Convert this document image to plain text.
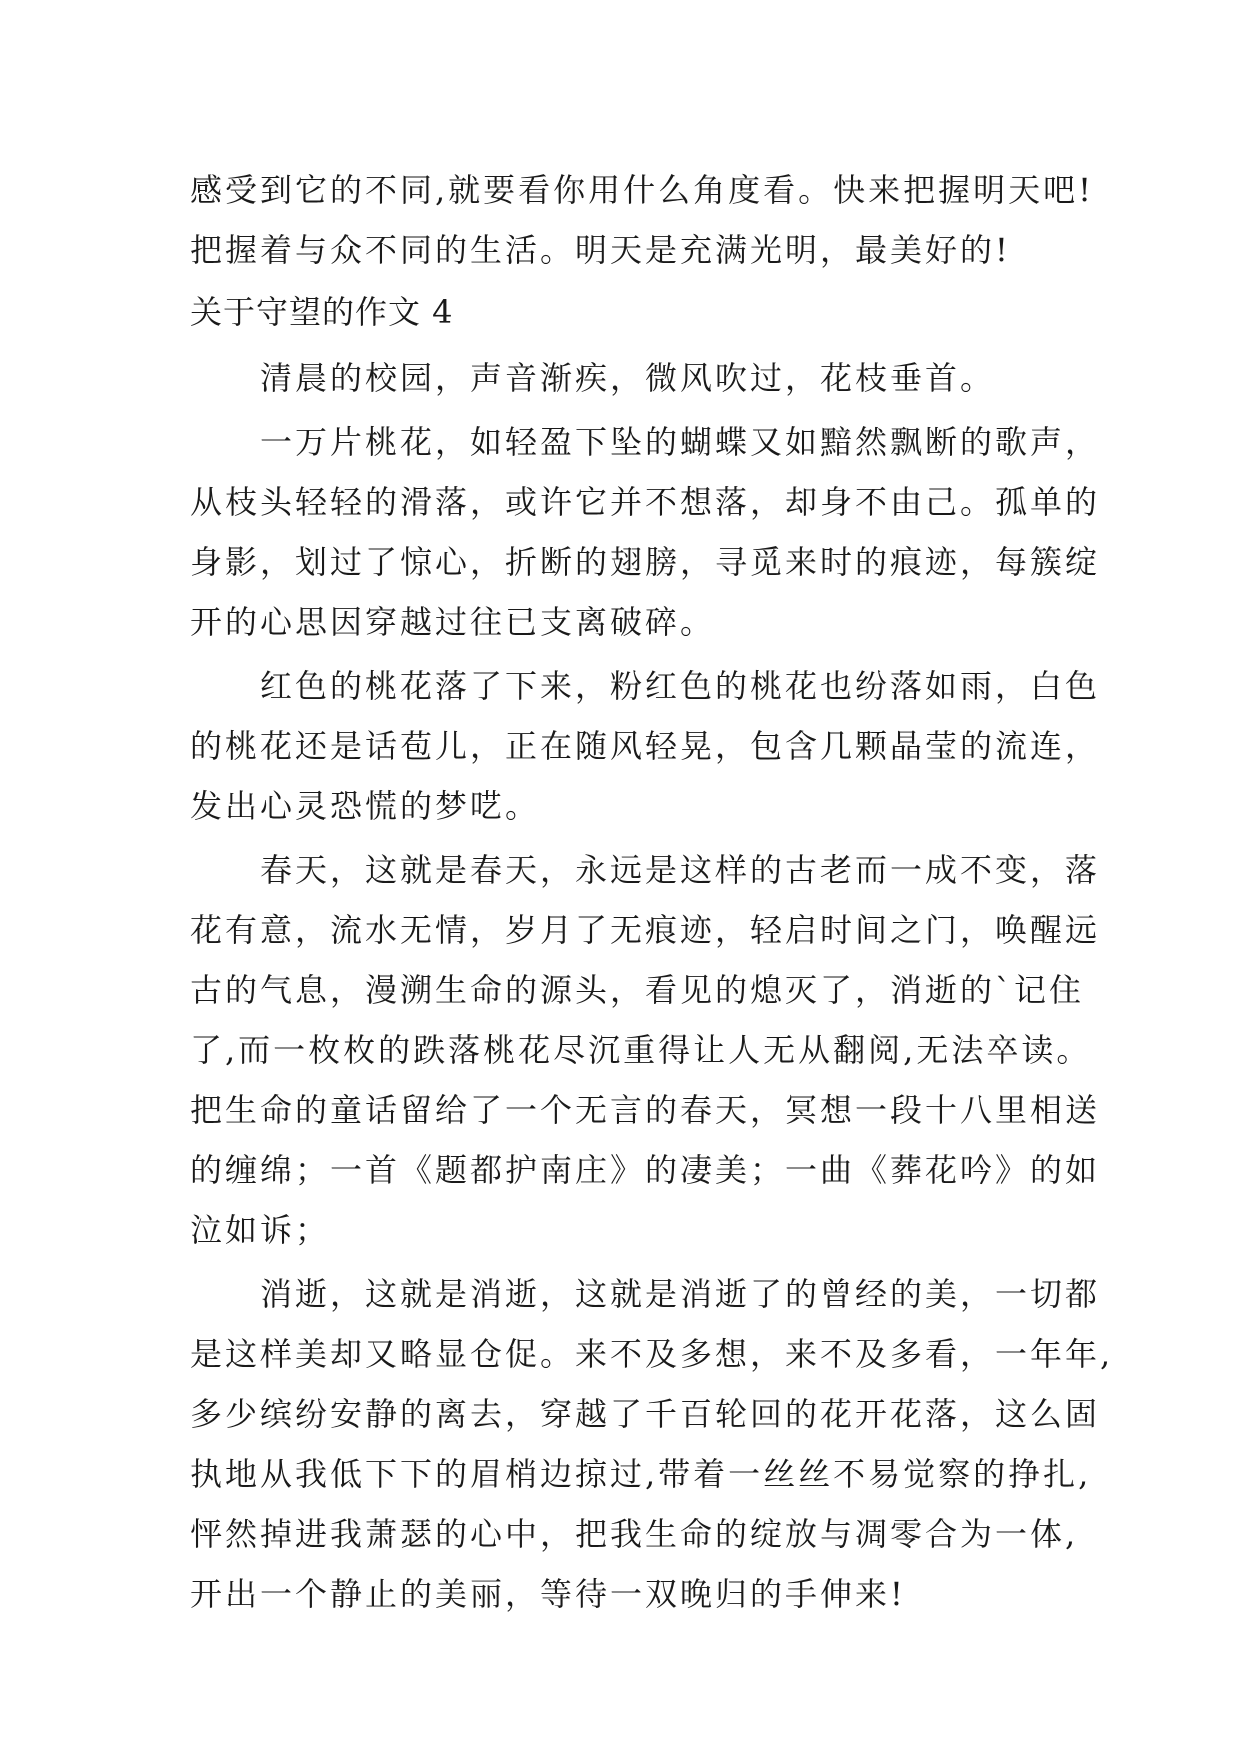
感受到它的不同,就要看你用什么角度看。快来把握明天吧!
把握着与众不同的生活。明天是充满光明，最美好的!
关于守望的作文 4
　　清晨的校园，声音渐疾，微风吹过，花枝垂首。
　　一万片桃花，如轻盈下坠的蝴蝶又如黯然飘断的歌声，
从枝头轻轻的滑落，或许它并不想落，却身不由己。孤单的
身影，划过了惊心，折断的翅膀，寻觅来时的痕迹，每簇绽
开的心思因穿越过往已支离破碎。
　　红色的桃花落了下来，粉红色的桃花也纷落如雨，白色
的桃花还是话苞儿，正在随风轻晃，包含几颗晶莹的流连，
发出心灵恐慌的梦呓。
　　春天，这就是春天，永远是这样的古老而一成不变，落
花有意，流水无情，岁月了无痕迹，轻启时间之门，唤醒远
古的气息，漫溯生命的源头，看见的熄灭了，消逝的`记住
了,而一枚枚的跌落桃花尽沉重得让人无从翻阅,无法卒读。
把生命的童话留给了一个无言的春天，冥想一段十八里相送
的缠绵；一首《题都护南庄》的凄美；一曲《葬花吟》的如
泣如诉；
　　消逝，这就是消逝，这就是消逝了的曾经的美，一切都
是这样美却又略显仓促。来不及多想，来不及多看，一年年,
多少缤纷安静的离去，穿越了千百轮回的花开花落，这么固
执地从我低下下的眉梢边掠过,带着一丝丝不易觉察的挣扎,
怦然掉进我萧瑟的心中，把我生命的绽放与凋零合为一体,
开出一个静止的美丽，等待一双晚归的手伸来!
